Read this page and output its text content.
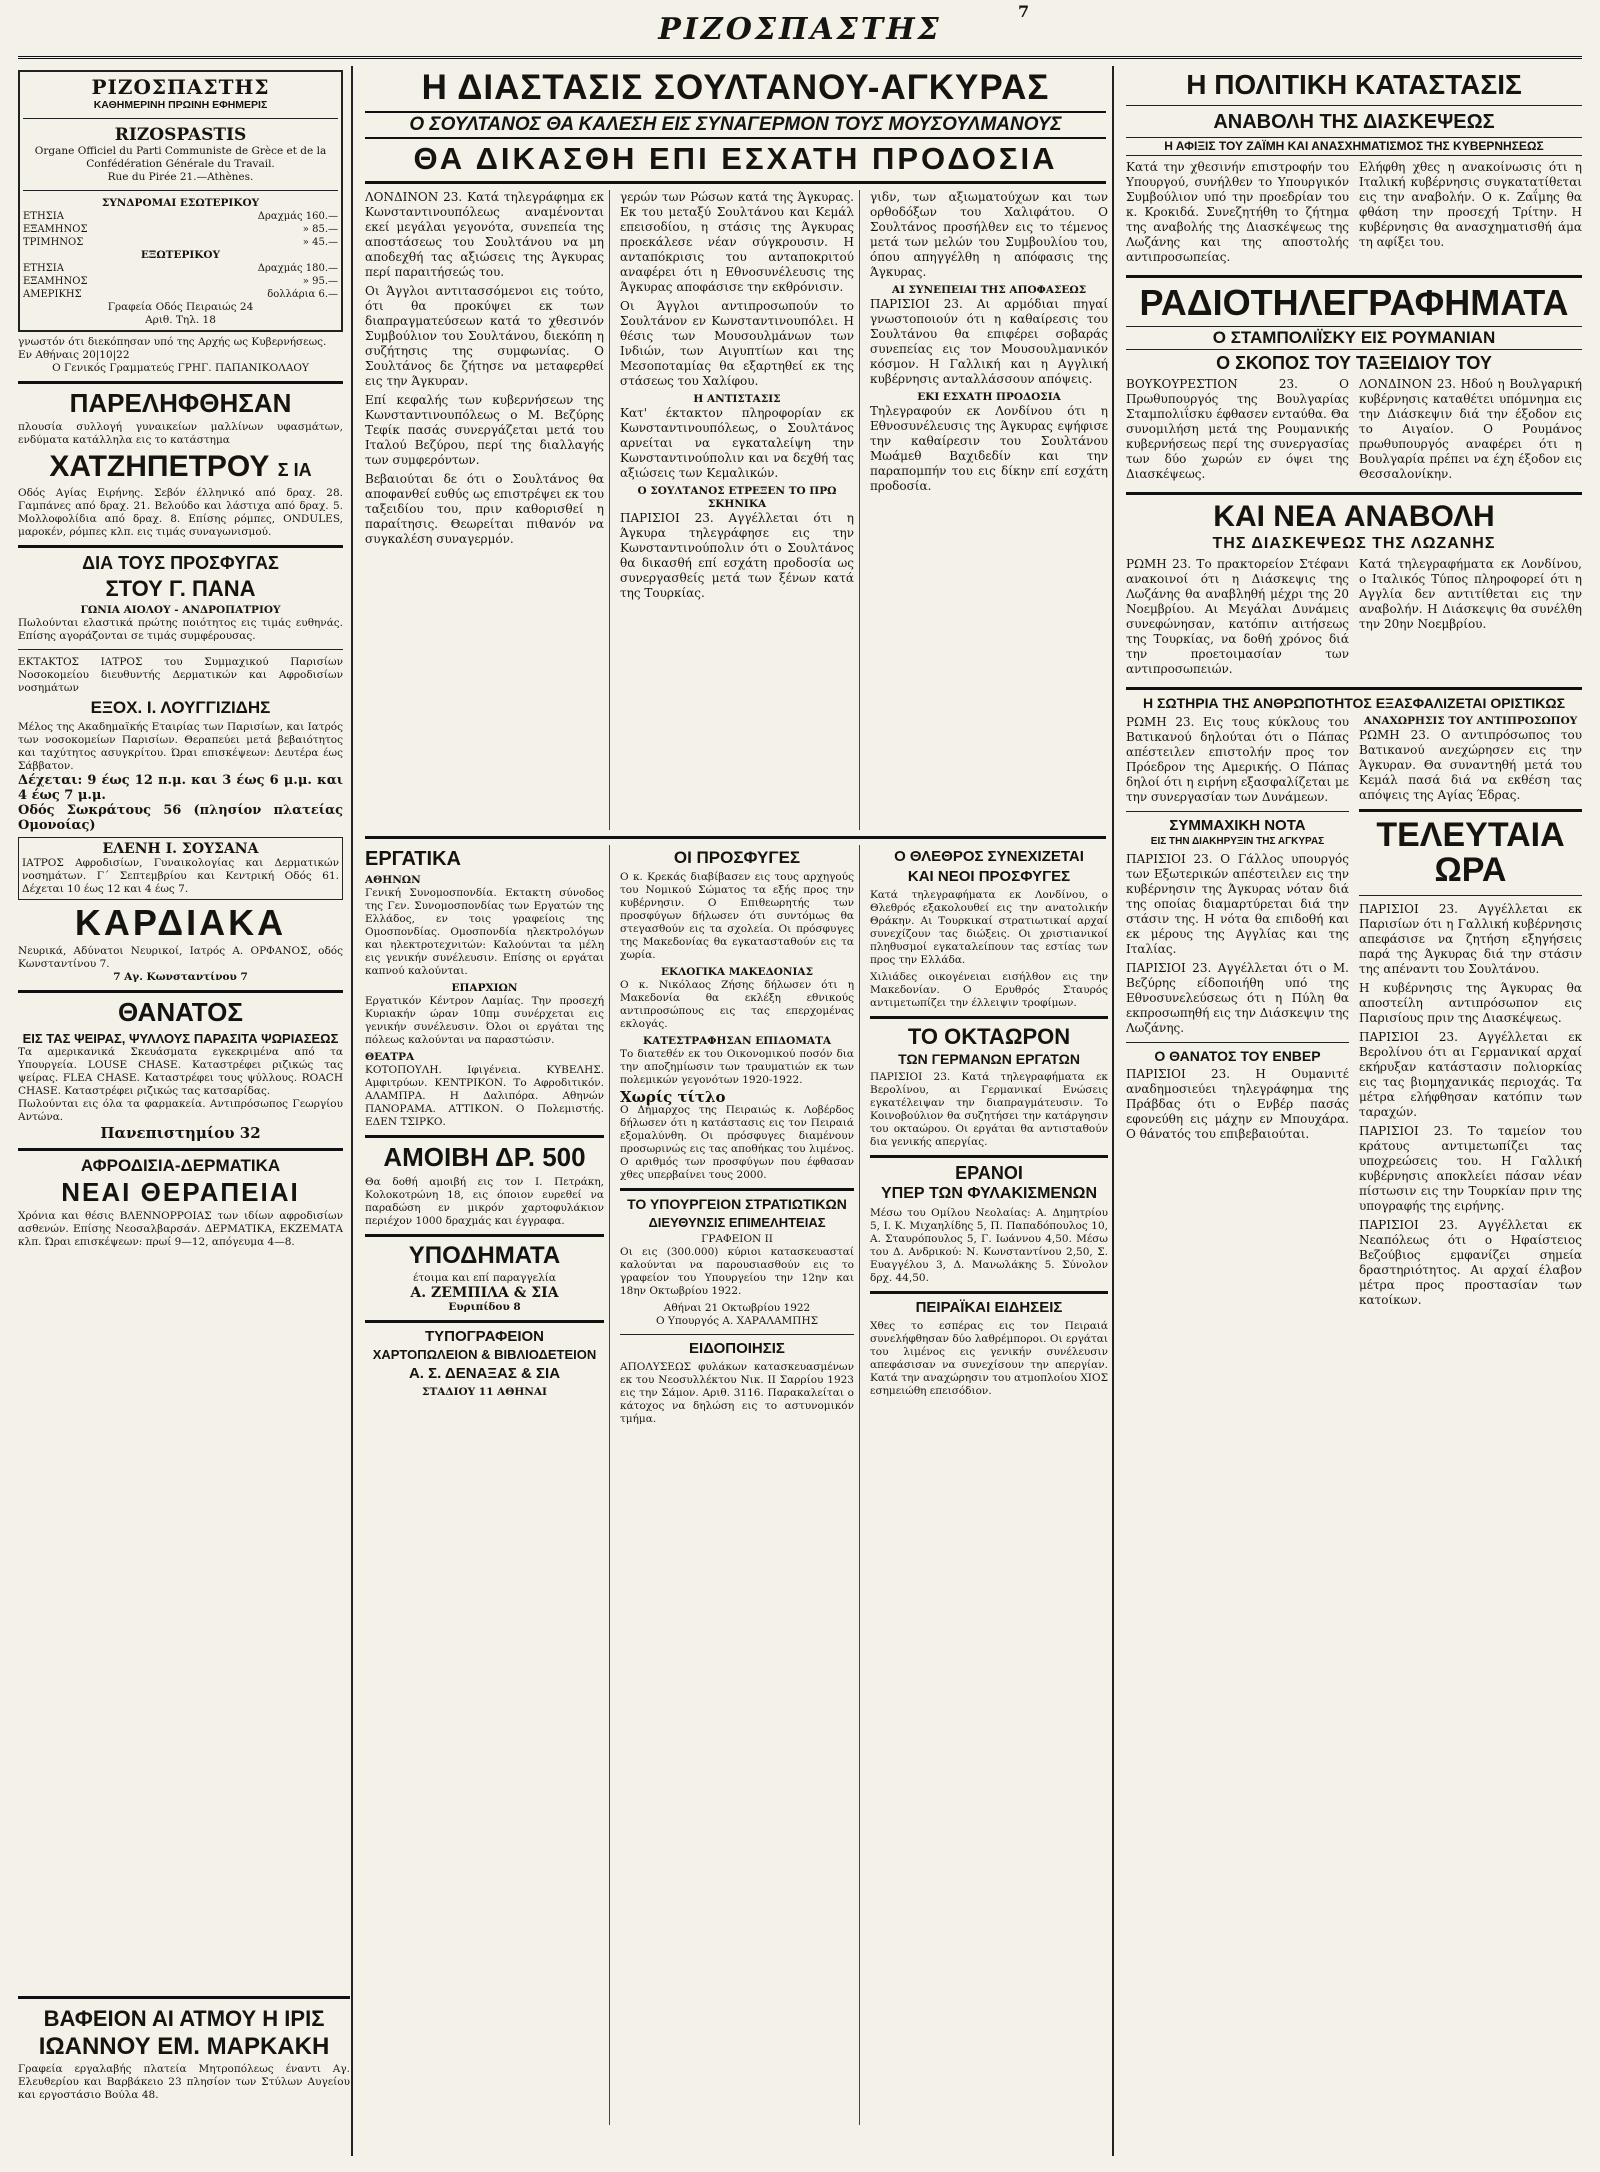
ΡΙΖΟΣΠΑΣΤΗΣ
7
ΡΙΖΟΣΠΑΣΤΗΣ
ΚΑΘΗΜΕΡΙΝΗ ΠΡΩΙΝΗ ΕΦΗΜΕΡΙΣ
RIZOSPASTIS
Organe Officiel du Parti Communiste de Grèce et de la Confédération Générale du Travail.
Rue du Pirée 21.—Athènes.
ΣΥΝΔΡΟΜΑΙ ΕΣΩΤΕΡΙΚΟΥ
ΕΤΗΣΙΑ	Δραχμάς 160.—
ΕΞΑΜΗΝΟΣ	» 85.—
ΤΡΙΜΗΝΟΣ	» 45.—
ΕΞΩΤΕΡΙΚΟΥ
ΕΤΗΣΙΑ	Δραχμάς 180.—
ΕΞΑΜΗΝΟΣ	» 95.—
ΑΜΕΡΙΚΗΣ	δολλάρια 6.—
Γραφεία Οδός Πειραιώς 24
Αριθ. Τηλ. 18
γνωστόν ότι διεκόπησαν υπό της Αρχής ως Κυβερνήσεως.
Εν Αθήναις 20|10|22
Ο Γενικός Γραμματεύς ΓΡΗΓ. ΠΑΠΑΝΙΚΟΛΑΟΥ
ΠΑΡΕΛΗΦΘΗΣΑΝ
πλουσία συλλογή γυναικείων μαλλίνων υφασμάτων, ενδύματα κατάλληλα εις το κατάστημα
ΧΑΤΖΗΠΕΤΡΟΥ Σ ΙΑ
Οδός Αγίας Ειρήνης. Σεβόν έλληνικό από δραχ. 28. Γαμπάνες από δραχ. 21. Βελούδο και λάστιχα από δραχ. 5. Μολλοφολίδια από δραχ. 8. Επίσης ρόμπες, ONDULES, μαροκέν, ρόμπες κλπ. εις τιμάς συναγωνισμού.
ΔΙΑ ΤΟΥΣ ΠΡΟΣΦΥΓΑΣ
ΣΤΟΥ Γ. ΠΑΝΑ
ΓΩΝΙΑ ΑΙΟΛΟΥ - ΑΝΔΡΟΠΑΤΡΙΟΥ
Πωλούνται ελαστικά πρώτης ποιότητος εις τιμάς ευθηνάς. Επίσης αγοράζονται σε τιμάς συμφέρουσας.
ΕΚΤΑΚΤΟΣ ΙΑΤΡΟΣ του Συμμαχικού Παρισίων Νοσοκομείου διευθυντής Δερματικών και Αφροδισίων νοσημάτων
ΕΞΟΧ. Ι. ΛΟΥΓΓΙΖΙΔΗΣ
Μέλος της Ακαδημαϊκής Εταιρίας των Παρισίων, και Ιατρός των νοσοκομείων Παρισίων. Θεραπεύει μετά βεβαιότητος και ταχύτητος ασυγκρίτου. Ώραι επισκέψεων: Δευτέρα έως Σάββατον.
Δέχεται: 9 έως 12 π.μ. και 3 έως 6 μ.μ. και 4 έως 7 μ.μ.
Οδός Σωκράτους 56 (πλησίον πλατείας Ομονοίας)
ΕΛΕΝΗ Ι. ΣΟΥΣΑΝΑ
ΙΑΤΡΟΣ Αφροδισίων, Γυναικολογίας και Δερματικών νοσημάτων. Γ΄ Σεπτεμβρίου και Κεντρική Οδός 61. Δέχεται 10 έως 12 και 4 έως 7.
ΚΑΡΔΙΑΚΑ
Νευρικά, Αδύνατοι Νευρικοί, Ιατρός Α. ΟΡΦΑΝΟΣ, οδός Κωνσταντίνου 7.
7 Αγ. Κωνσταντίνου 7
ΘΑΝΑΤΟΣ
ΕΙΣ ΤΑΣ ΨΕΙΡΑΣ, ΨΥΛΛΟΥΣ ΠΑΡΑΣΙΤΑ ΨΩΡΙΑΣΕΩΣ
Τα αμερικανικά Σκευάσματα εγκεκριμένα από τα Υπουργεία. LOUSE CHASE. Καταστρέφει ριζικώς τας ψείρας. FLEA CHASE. Καταστρέφει τους ψύλλους. ROACH CHASE. Καταστρέφει ριζικώς τας κατσαρίδας.
Πωλούνται εις όλα τα φαρμακεία. Αντιπρόσωπος Γεωργίου Αντώνα.
Πανεπιστημίου 32
ΑΦΡΟΔΙΣΙΑ-ΔΕΡΜΑΤΙΚΑ
ΝΕΑΙ ΘΕΡΑΠΕΙΑΙ
Χρόνια και θέσις ΒΛΕΝΝΟΡΡΟΙΑΣ των ιδίων αφροδισίων ασθενών. Επίσης Νεοσαλβαρσάν. ΔΕΡΜΑΤΙΚΑ, ΕΚΖΕΜΑΤΑ κλπ. Ώραι επισκέψεων: πρωί 9—12, απόγευμα 4—8.
Η ΔΙΑΣΤΑΣΙΣ ΣΟΥΛΤΑΝΟΥ-ΑΓΚΥΡΑΣ
Ο ΣΟΥΛΤΑΝΟΣ ΘΑ ΚΑΛΕΣΗ ΕΙΣ ΣΥΝΑΓΕΡΜΟΝ ΤΟΥΣ ΜΟΥΣΟΥΛΜΑΝΟΥΣ
ΘΑ ΔΙΚΑΣΘΗ ΕΠΙ ΕΣΧΑΤΗ ΠΡΟΔΟΣΙΑ

ΛΟΝΔΙΝΟΝ 23. Κατά τηλεγράφημα εκ Κωνσταντινουπόλεως αναμένονται εκεί μεγάλαι γεγονότα, συνεπεία της αποστάσεως του Σουλτάνου να μη αποδεχθή τας αξιώσεις της Άγκυρας περί παραιτήσεώς του.

Οι Άγγλοι αντιτασσόμενοι εις τούτο, ότι θα προκύψει εκ των διαπραγματεύσεων κατά το χθεσινόν Συμβούλιον του Σουλτάνου, διεκόπη η συζήτησις της συμφωνίας. Ο Σουλτάνος δε ζήτησε να μεταφερθεί εις την Άγκυραν.

Επί κεφαλής των κυβερνήσεων της Κωνσταντινουπόλεως ο Μ. Βεζύρης Τεφίκ πασάς συνεργάζεται μετά του Ιταλού Βεζύρου, περί της διαλλαγής των συμφερόντων.

Βεβαιούται δε ότι ο Σουλτάνος θα αποφανθεί ευθύς ως επιστρέψει εκ του ταξειδίου του, πριν καθορισθεί η παραίτησις. Θεωρείται πιθανόν να συγκαλέση συναγερμόν.

γερών των Ρώσων κατά της Άγκυρας. Εκ του μεταξύ Σουλτάνου και Κεμάλ επεισοδίου, η στάσις της Άγκυρας προεκάλεσε νέαν σύγκρουσιν. Η ανταπόκρισις του ανταποκριτού αναφέρει ότι η Εθνοσυνέλευσις της Άγκυρας αποφάσισε την εκθρόνισιν.

Οι Άγγλοι αντιπροσωπούν το Σουλτάνον εν Κωνσταντινουπόλει. Η θέσις των Μουσουλμάνων των Ινδιών, των Αιγυπτίων και της Μεσοποταμίας θα εξαρτηθεί εκ της στάσεως του Χαλίφου.

Η ΑΝΤΙΣΤΑΣΙΣ

Κατ' έκτακτον πληροφορίαν εκ Κωνσταντινουπόλεως, ο Σουλτάνος αρνείται να εγκαταλείψη την Κωνσταντινούπολιν και να δεχθή τας αξιώσεις των Κεμαλικών.

Ο ΣΟΥΛΤΑΝΟΣ ΕΤΡΕΞΕΝ ΤΟ ΠΡΩ ΣΚΗΝΙΚΑ

ΠΑΡΙΣΙΟΙ 23. Αγγέλλεται ότι η Άγκυρα τηλεγράφησε εις την Κωνσταντινούπολιν ότι ο Σουλτάνος θα δικασθή επί εσχάτη προδοσία ως συνεργασθείς μετά των ξένων κατά της Τουρκίας.

γιδν, των αξιωματούχων και των ορθοδόξων του Χαλιφάτου. Ο Σουλτάνος προσήλθεν εις το τέμενος μετά των μελών του Συμβουλίου του, όπου απηγγέλθη η απόφασις της Άγκυρας.

ΑΙ ΣΥΝΕΠΕΙΑΙ ΤΗΣ ΑΠΟΦΑΣΕΩΣ

ΠΑΡΙΣΙΟΙ 23. Αι αρμόδιαι πηγαί γνωστοποιούν ότι η καθαίρεσις του Σουλτάνου θα επιφέρει σοβαράς συνεπείας εις τον Μουσουλμανικόν κόσμον. Η Γαλλική και η Αγγλική κυβέρνησις ανταλλάσσουν απόψεις.

ΕΚΙ ΕΣΧΑΤΗ ΠΡΟΔΟΣΙΑ

Τηλεγραφούν εκ Λονδίνου ότι η Εθνοσυνέλευσις της Άγκυρας εψήφισε την καθαίρεσιν του Σουλτάνου Μωάμεθ Βαχιδεδίν και την παραπομπήν του εις δίκην επί εσχάτη προδοσία.

ΕΡΓΑΤΙΚΑ
ΑΘΗΝΩΝ

Γενική Συνομοσπονδία. Εκτακτη σύνοδος της Γεν. Συνομοσπονδίας των Εργατών της Ελλάδος, εν τοις γραφείοις της Ομοσπονδίας. Ομοσπονδία ηλεκτρολόγων και ηλεκτροτεχνιτών: Καλούνται τα μέλη εις γενικήν συνέλευσιν. Επίσης οι εργάται καπνού καλούνται.

ΕΠΑΡΧΙΩΝ

Εργατικόν Κέντρον Λαμίας. Την προσεχή Κυριακήν ώραν 10πμ συνέρχεται εις γενικήν συνέλευσιν. Όλοι οι εργάται της πόλεως καλούνται να παραστώσιν.

ΘΕΑΤΡΑ

ΚΟΤΟΠΟΥΛΗ. Ιφιγένεια. ΚΥΒΕΛΗΣ. Αμφιτρύων. ΚΕΝΤΡΙΚΟΝ. Το Αφροδιτικόν. ΑΛΑΜΠΡΑ. Η Δαλιπόρα. Αθηνών ΠΑΝΟΡΑΜΑ. ΑΤΤΙΚΟΝ. Ο Πολεμιστής. ΕΔΕΝ ΤΣΙΡΚΟ.

ΑΜΟΙΒΗ ΔΡ. 500

Θα δοθή αμοιβή εις τον Ι. Πετράκη, Κολοκοτρώνη 18, εις όποιον ευρεθεί να παραδώση εν μικρόν χαρτοφυλάκιον περιέχον 1000 δραχμάς και έγγραφα.

ΥΠΟΔΗΜΑΤΑ
έτοιμα και επί παραγγελία
Α. ΖΕΜΠΙΛΑ & ΣΙΑ
Ευριπίδου 8
ΤΥΠΟΓΡΑΦΕΙΟΝ
ΧΑΡΤΟΠΩΛΕΙΟΝ & ΒΙΒΛΙΟΔΕΤΕΙΟΝ
Α. Σ. ΔΕΝΑΞΑΣ & ΣΙΑ
ΣΤΑΔΙΟΥ 11 ΑΘΗΝΑΙ
ΟΙ ΠΡΟΣΦΥΓΕΣ

Ο κ. Κρεκάς διαβίβασεν εις τους αρχηγούς του Νομικού Σώματος τα εξής προς την κυβέρνησιν. Ο Επιθεωρητής των προσφύγων δήλωσεν ότι συντόμως θα στεγασθούν εις τα σχολεία. Οι πρόσφυγες της Μακεδονίας θα εγκατασταθούν εις τα χωρία.

ΕΚΛΟΓΙΚΑ ΜΑΚΕΔΟΝΙΑΣ

Ο κ. Νικόλαος Ζήσης δήλωσεν ότι η Μακεδονία θα εκλέξη εθνικούς αντιπροσώπους εις τας επερχομένας εκλογάς.

ΚΑΤΕΣΤΡΑΦΗΣΑΝ ΕΠΙΔΟΜΑΤΑ

Το διατεθέν εκ του Οικονομικού ποσόν δια την αποζημίωσιν των τραυματιών εκ των πολεμικών γεγονότων 1920-1922.

Χωρίς τίτλο

Ο Δήμαρχος της Πειραιώς κ. Λοβέρδος δήλωσεν ότι η κατάστασις εις τον Πειραιά εξομαλύνθη. Οι πρόσφυγες διαμένουν προσωρινώς εις τας αποθήκας του λιμένος. Ο αριθμός των προσφύγων που έφθασαν χθες υπερβαίνει τους 2000.

ΤΟ ΥΠΟΥΡΓΕΙΟΝ ΣΤΡΑΤΙΩΤΙΚΩΝ
ΔΙΕΥΘΥΝΣΙΣ ΕΠΙΜΕΛΗΤΕΙΑΣ
ΓΡΑΦΕΙΟΝ II

Οι εις (300.000) κύριοι κατασκευασταί καλούνται να παρουσιασθούν εις το γραφείον του Υπουργείου την 12ην και 18ην Οκτωβρίου 1922.

Αθήναι 21 Οκτωβρίου 1922
Ο Υπουργός Α. ΧΑΡΑΛΑΜΠΗΣ
ΕΙΔΟΠΟΙΗΣΙΣ

ΑΠΟΛΥΣΕΩΣ φυλάκων κατασκευασμένων εκ του Νεοσυλλέκτου Νικ. II Σαρρίου 1923 εις την Σάμον. Αριθ. 3116. Παρακαλείται ο κάτοχος να δηλώση εις το αστυνομικόν τμήμα.

Ο ΘΛΕΘΡΟΣ ΣΥΝΕΧΙΖΕΤΑΙ
ΚΑΙ ΝΕΟΙ ΠΡΟΣΦΥΓΕΣ

Κατά τηλεγραφήματα εκ Λονδίνου, ο Θλεθρός εξακολουθεί εις την ανατολικήν Θράκην. Αι Τουρκικαί στρατιωτικαί αρχαί συνεχίζουν τας διώξεις. Οι χριστιανικοί πληθυσμοί εγκαταλείπουν τας εστίας των προς την Ελλάδα.

Χιλιάδες οικογένειαι εισήλθον εις την Μακεδονίαν. Ο Ερυθρός Σταυρός αντιμετωπίζει την έλλειψιν τροφίμων.

ΤΟ ΟΚΤΑΩΡΟΝ
ΤΩΝ ΓΕΡΜΑΝΩΝ ΕΡΓΑΤΩΝ

ΠΑΡΙΣΙΟΙ 23. Κατά τηλεγραφήματα εκ Βερολίνου, αι Γερμανικαί Ενώσεις εγκατέλειψαν την διαπραγμάτευσιν. Το Κοινοβούλιον θα συζητήσει την κατάργησιν του οκταώρου. Οι εργάται θα αντισταθούν δια γενικής απεργίας.

ΕΡΑΝΟΙ
ΥΠΕΡ ΤΩΝ ΦΥΛΑΚΙΣΜΕΝΩΝ

Μέσω του Ομίλου Νεολαίας: Α. Δημητρίου 5, Ι. Κ. Μιχαηλίδης 5, Π. Παπαδόπουλος 10, Α. Σταυρόπουλος 5, Γ. Ιωάννου 4,50. Μέσω του Δ. Ανδρικού: Ν. Κωνσταντίνου 2,50, Σ. Ευαγγέλου 3, Δ. Μανωλάκης 5. Σύνολον δρχ. 44,50.

ΠΕΙΡΑΪΚΑΙ ΕΙΔΗΣΕΙΣ

Χθες το εσπέρας εις τον Πειραιά συνελήφθησαν δύο λαθρέμποροι. Οι εργάται του λιμένος εις γενικήν συνέλευσιν απεφάσισαν να συνεχίσουν την απεργίαν. Κατά την αναχώρησιν του ατμοπλοίου ΧΙΟΣ εσημειώθη επεισόδιον.

Η ΠΟΛΙΤΙΚΗ ΚΑΤΑΣΤΑΣΙΣ
ΑΝΑΒΟΛΗ ΤΗΣ ΔΙΑΣΚΕΨΕΩΣ
Η ΑΦΙΞΙΣ ΤΟΥ ΖΑΪΜΗ ΚΑΙ ΑΝΑΣΧΗΜΑΤΙΣΜΟΣ ΤΗΣ ΚΥΒΕΡΝΗΣΕΩΣ

Κατά την χθεσινήν επιστροφήν του Υπουργού, συνήλθεν το Υπουργικόν Συμβούλιον υπό την προεδρίαν του κ. Κροκιδά. Συνεζητήθη το ζήτημα της αναβολής της Διασκέψεως της Λωζάνης και της αποστολής αντιπροσωπείας.

Ελήφθη χθες η ανακοίνωσις ότι η Ιταλική κυβέρνησις συγκατατίθεται εις την αναβολήν. Ο κ. Ζαΐμης θα φθάση την προσεχή Τρίτην. Η κυβέρνησις θα ανασχηματισθή άμα τη αφίξει του.

ΡΑΔΙΟΤΗΛΕΓΡΑΦΗΜΑΤΑ
Ο ΣΤΑΜΠΟΛΙΪΣΚΥ ΕΙΣ ΡΟΥΜΑΝΙΑΝ
Ο ΣΚΟΠΟΣ ΤΟΥ ΤΑΞΕΙΔΙΟΥ ΤΟΥ

ΒΟΥΚΟΥΡΕΣΤΙΟΝ 23. Ο Πρωθυπουργός της Βουλγαρίας Σταμπολιΐσκυ έφθασεν ενταύθα. Θα συνομιλήση μετά της Ρουμανικής κυβερνήσεως περί της συνεργασίας των δύο χωρών εν όψει της Διασκέψεως.

ΛΟΝΔΙΝΟΝ 23. Ηδού η Βουλγαρική κυβέρνησις καταθέτει υπόμνημα εις την Διάσκεψιν διά την έξοδον εις το Αιγαίον. Ο Ρουμάνος πρωθυπουργός αναφέρει ότι η Βουλγαρία πρέπει να έχη έξοδον εις Θεσσαλονίκην.

ΚΑΙ ΝΕΑ ΑΝΑΒΟΛΗ
ΤΗΣ ΔΙΑΣΚΕΨΕΩΣ ΤΗΣ ΛΩΖΑΝΗΣ

ΡΩΜΗ 23. Το πρακτορείον Στέφανι ανακοινοί ότι η Διάσκεψις της Λωζάνης θα αναβληθή μέχρι της 20 Νοεμβρίου. Αι Μεγάλαι Δυνάμεις συνεφώνησαν, κατόπιν αιτήσεως της Τουρκίας, να δοθή χρόνος διά την προετοιμασίαν των αντιπροσωπειών.

Κατά τηλεγραφήματα εκ Λονδίνου, ο Ιταλικός Τύπος πληροφορεί ότι η Αγγλία δεν αντιτίθεται εις την αναβολήν. Η Διάσκεψις θα συνέλθη την 20ην Νοεμβρίου.

Η ΣΩΤΗΡΙΑ ΤΗΣ ΑΝΘΡΩΠΟΤΗΤΟΣ ΕΞΑΣΦΑΛΙΖΕΤΑΙ ΟΡΙΣΤΙΚΩΣ

ΡΩΜΗ 23. Εις τους κύκλους του Βατικανού δηλούται ότι ο Πάπας απέστειλεν επιστολήν προς τον Πρόεδρον της Αμερικής. Ο Πάπας δηλοί ότι η ειρήνη εξασφαλίζεται με την συνεργασίαν των Δυνάμεων.

ΣΥΜΜΑΧΙΚΗ ΝΟΤΑ
ΕΙΣ ΤΗΝ ΔΙΑΚΗΡΥΞΙΝ ΤΗΣ ΑΓΚΥΡΑΣ

ΠΑΡΙΣΙΟΙ 23. Ο Γάλλος υπουργός των Εξωτερικών απέστειλεν εις την κυβέρνησιν της Άγκυρας νόταν διά της οποίας διαμαρτύρεται διά την στάσιν της. Η νότα θα επιδοθή και εκ μέρους της Αγγλίας και της Ιταλίας.

ΠΑΡΙΣΙΟΙ 23. Αγγέλλεται ότι ο Μ. Βεζύρης είδοποιήθη υπό της Εθνοσυνελεύσεως ότι η Πύλη θα εκπροσωπηθή εις την Διάσκεψιν της Λωζάνης.

Ο ΘΑΝΑΤΟΣ ΤΟΥ ΕΝΒΕΡ

ΠΑΡΙΣΙΟΙ 23. Η Ουμανιτέ αναδημοσιεύει τηλεγράφημα της Πράβδας ότι ο Ενβέρ πασάς εφονεύθη εις μάχην εν Μπουχάρα. Ο θάνατός του επιβεβαιούται.

ΑΝΑΧΩΡΗΣΙΣ ΤΟΥ ΑΝΤΙΠΡΟΣΩΠΟΥ

ΡΩΜΗ 23. Ο αντιπρόσωπος του Βατικανού ανεχώρησεν εις την Άγκυραν. Θα συναντηθή μετά του Κεμάλ πασά διά να εκθέση τας απόψεις της Αγίας Έδρας.

ΤΕΛΕΥΤΑΙΑ ΩΡΑ

ΠΑΡΙΣΙΟΙ 23. Αγγέλλεται εκ Παρισίων ότι η Γαλλική κυβέρνησις απεφάσισε να ζητήση εξηγήσεις παρά της Άγκυρας διά την στάσιν της απέναντι του Σουλτάνου.

Η κυβέρνησις της Άγκυρας θα αποστείλη αντιπρόσωπον εις Παρισίους πριν της Διασκέψεως.

ΠΑΡΙΣΙΟΙ 23. Αγγέλλεται εκ Βερολίνου ότι αι Γερμανικαί αρχαί εκήρυξαν κατάστασιν πολιορκίας εις τας βιομηχανικάς περιοχάς. Τα μέτρα ελήφθησαν κατόπιν των ταραχών.

ΠΑΡΙΣΙΟΙ 23. Το ταμείον του κράτους αντιμετωπίζει τας υποχρεώσεις του. Η Γαλλική κυβέρνησις αποκλείει πάσαν νέαν πίστωσιν εις την Τουρκίαν πριν της υπογραφής της ειρήνης.

ΠΑΡΙΣΙΟΙ 23. Αγγέλλεται εκ Νεαπόλεως ότι ο Ηφαίστειος Βεζούβιος εμφανίζει σημεία δραστηριότητος. Αι αρχαί έλαβον μέτρα προς προστασίαν των κατοίκων.

ΒΑΦΕΙΟΝ ΑΙ ΑΤΜΟΥ Η ΙΡΙΣ
ΙΩΑΝΝΟΥ ΕΜ. ΜΑΡΚΑΚΗ
Γραφεία εργαλαβής πλατεία Μητροπόλεως έναντι Αγ. Ελευθερίου και Βαρβάκειο 23 πλησίον των Στύλων Αυγείου και εργοστάσιο Βούλα 48.
